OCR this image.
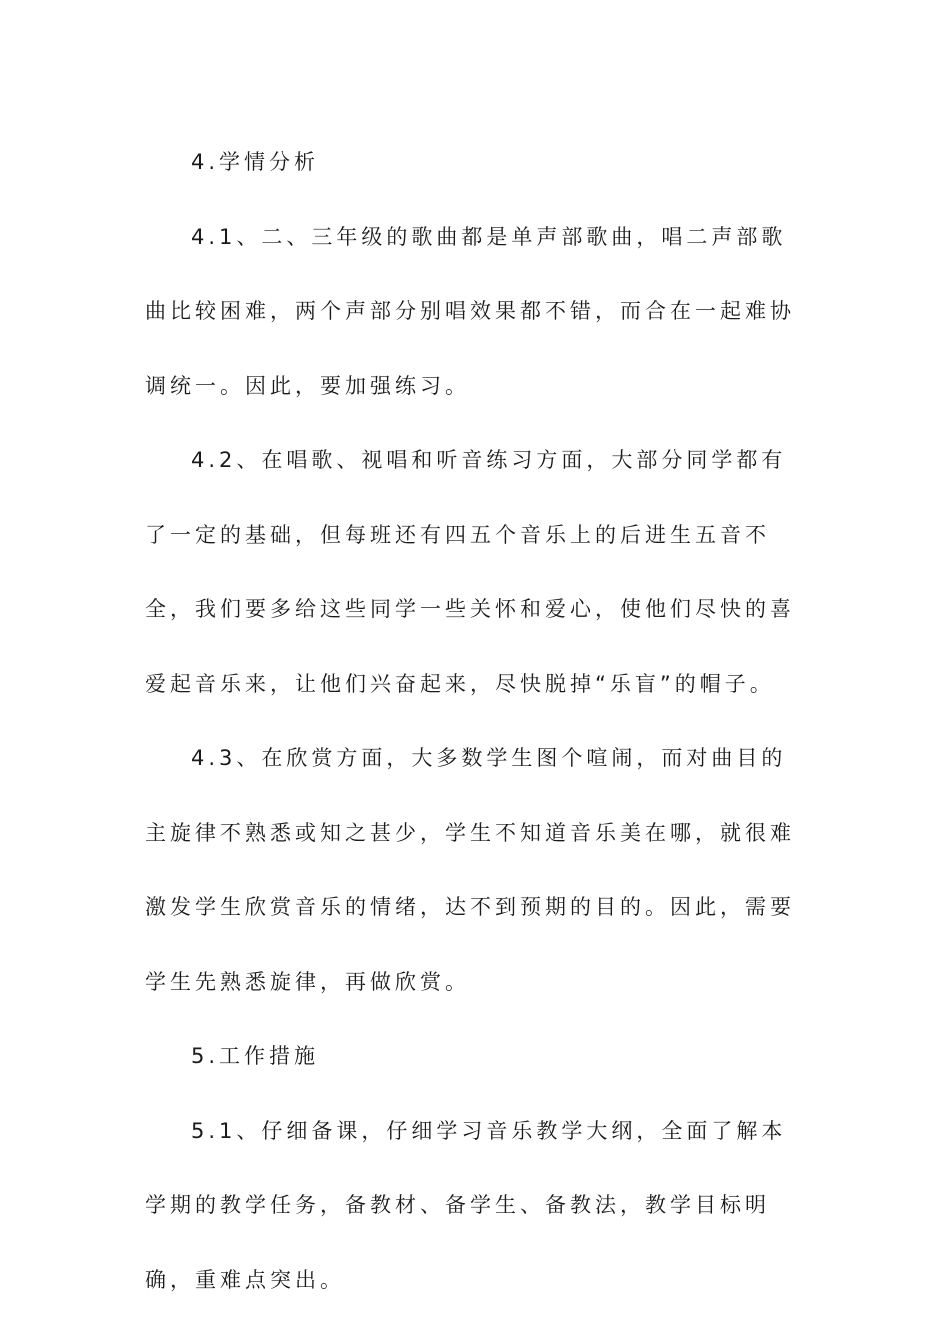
4.学情分析

4.1、二、三年级的歌曲都是单声部歌曲，唱二声部歌曲比较困难，两个声部分别唱效果都不错，而合在一起难协调统一。因此，要加强练习。

4.2、在唱歌、视唱和听音练习方面，大部分同学都有了一定的基础，但每班还有四五个音乐上的后进生五音不全，我们要多给这些同学一些关怀和爱心，使他们尽快的喜爱起音乐来，让他们兴奋起来，尽快脱掉“乐盲”的帽子。

4.3、在欣赏方面，大多数学生图个喧闹，而对曲目的主旋律不熟悉或知之甚少，学生不知道音乐美在哪，就很难激发学生欣赏音乐的情绪，达不到预期的目的。因此，需要学生先熟悉旋律，再做欣赏。

5.工作措施

5.1、仔细备课，仔细学习音乐教学大纲，全面了解本学期的教学任务，备教材、备学生、备教法，教学目标明确，重难点突出。
